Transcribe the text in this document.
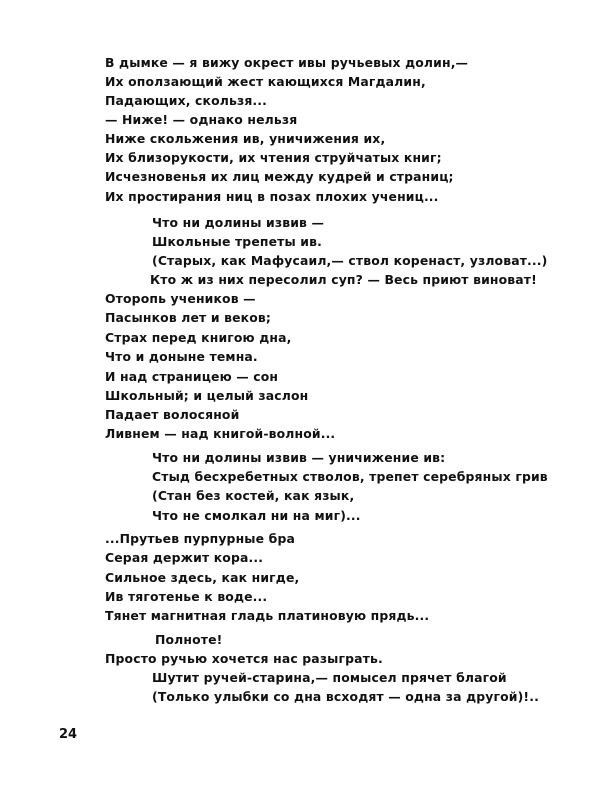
В дымке — я вижу окрест ивы ручьевых долин,—
Их оползающий жест кающихся Магдалин,
Падающих, скользя...
— Ниже! — однако нельзя
Ниже скольжения ив, уничижения их,
Их близорукости, их чтения струйчатых книг;
Исчезновенья их лиц между кудрей и страниц;
Их простирания ниц в позах плохих учениц...
Что ни долины извив —
Школьные трепеты ив.
(Старых, как Мафусаил,— ствол коренаст, узловат...)
Кто ж из них пересолил суп? — Весь приют виноват!
Оторопь учеников —
Пасынков лет и веков;
Страх перед книгою дна,
Что и доныне темна.
И над страницею — сон
Школьный; и целый заслон
Падает волосяной
Ливнем — над книгой-волной...
Что ни долины извив — уничижение ив:
Стыд бесхребетных стволов, трепет серебряных грив
(Стан без костей, как язык,
Что не смолкал ни на миг)...
...Прутьев пурпурные бра
Серая держит кора...
Сильное здесь, как нигде,
Ив тяготенье к воде...
Тянет магнитная гладь платиновую прядь...
Полноте!
Просто ручью хочется нас разыграть.
Шутит ручей-старина,— помысел прячет благой
(Только улыбки со дна всходят — одна за другой)!..
24
